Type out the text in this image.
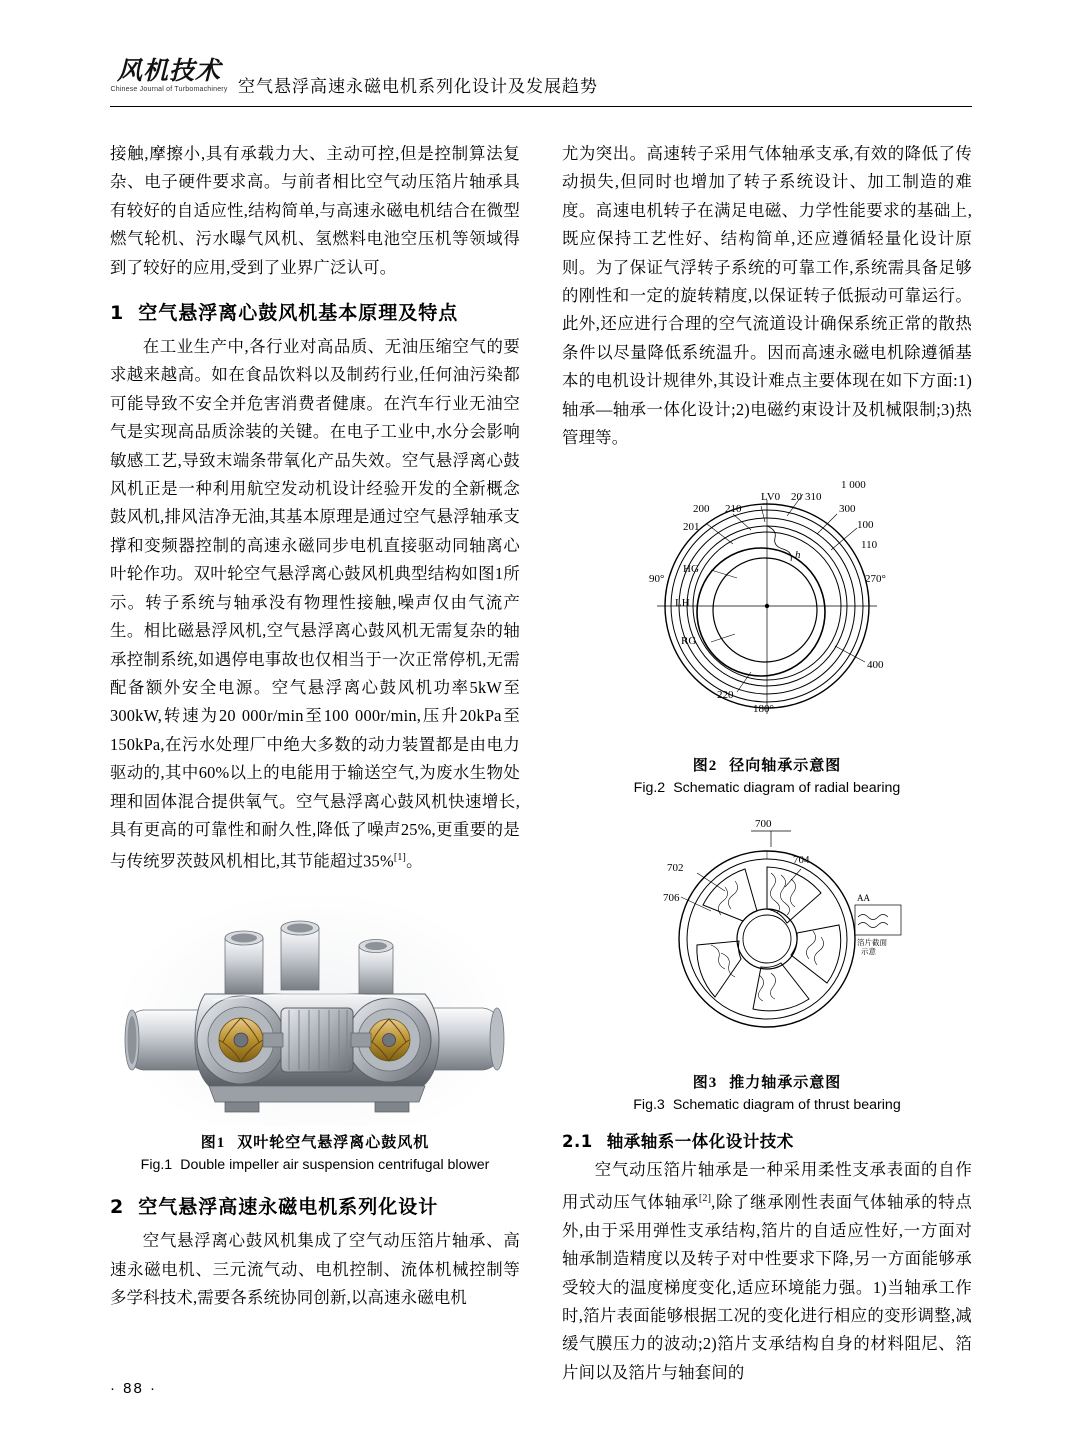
风机技术
Chinese Journal of Turbomachinery 空气悬浮高速永磁电机系列化设计及发展趋势

接触,摩擦小,具有承载力大、主动可控,但是控制算法复杂、电子硬件要求高。与前者相比空气动压箔片轴承具有较好的自适应性,结构简单,与高速永磁电机结合在微型燃气轮机、污水曝气风机、氢燃料电池空压机等领域得到了较好的应用,受到了业界广泛认可。

1 空气悬浮离心鼓风机基本原理及特点

在工业生产中,各行业对高品质、无油压缩空气的要求越来越高。如在食品饮料以及制药行业,任何油污染都可能导致不安全并危害消费者健康。在汽车行业无油空气是实现高品质涂装的关键。在电子工业中,水分会影响敏感工艺,导致末端条带氧化产品失效。空气悬浮离心鼓风机正是一种利用航空发动机设计经验开发的全新概念鼓风机,排风洁净无油,其基本原理是通过空气悬浮轴承支撑和变频器控制的高速永磁同步电机直接驱动同轴离心叶轮作功。双叶轮空气悬浮离心鼓风机典型结构如图1所示。转子系统与轴承没有物理性接触,噪声仅由气流产生。相比磁悬浮风机,空气悬浮离心鼓风机无需复杂的轴承控制系统,如遇停电事故也仅相当于一次正常停机,无需配备额外安全电源。空气悬浮离心鼓风机功率5kW至300kW,转速为20 000r/min至100 000r/min,压升20kPa至150kPa,在污水处理厂中绝大多数的动力装置都是由电力驱动的,其中60%以上的电能用于输送空气,为废水生物处理和固体混合提供氧气。空气悬浮离心鼓风机快速增长,具有更高的可靠性和耐久性,降低了噪声25%,更重要的是与传统罗茨鼓风机相比,其节能超过35%[1]。

图1 双叶轮空气悬浮离心鼓风机
Fig.1 Double impeller air suspension centrifugal blower
2 空气悬浮高速永磁电机系列化设计

空气悬浮离心鼓风机集成了空气动压箔片轴承、高速永磁电机、三元流气动、电机控制、流体机械控制等多学科技术,需要各系统协同创新,以高速永磁电机

尤为突出。高速转子采用气体轴承支承,有效的降低了传动损失,但同时也增加了转子系统设计、加工制造的难度。高速电机转子在满足电磁、力学性能要求的基础上,既应保持工艺性好、结构简单,还应遵循轻量化设计原则。为了保证气浮转子系统的可靠工作,系统需具备足够的刚性和一定的旋转精度,以保证转子低振动可靠运行。此外,还应进行合理的空气流道设计确保系统正常的散热条件以尽量降低系统温升。因而高速永磁电机除遵循基本的电机设计规律外,其设计难点主要体现在如下方面:1)轴承—轴承一体化设计;2)电磁约束设计及机械限制;3)热管理等。

1 000
LV0 20 310
200 210	300
201	100
110
HG
h
90°	270°
LH
RG
400
220
180°
图2 径向轴承示意图
Fig.2 Schematic diagram of radial bearing
700
702
706
704
AA
箔片截面
示意
图3 推力轴承示意图
Fig.3 Schematic diagram of thrust bearing
2.1 轴承轴系一体化设计技术

空气动压箔片轴承是一种采用柔性支承表面的自作用式动压气体轴承[2],除了继承刚性表面气体轴承的特点外,由于采用弹性支承结构,箔片的自适应性好,一方面对轴承制造精度以及转子对中性要求下降,另一方面能够承受较大的温度梯度变化,适应环境能力强。1)当轴承工作时,箔片表面能够根据工况的变化进行相应的变形调整,减缓气膜压力的波动;2)箔片支承结构自身的材料阻尼、箔片间以及箔片与轴套间的

· 88 ·
